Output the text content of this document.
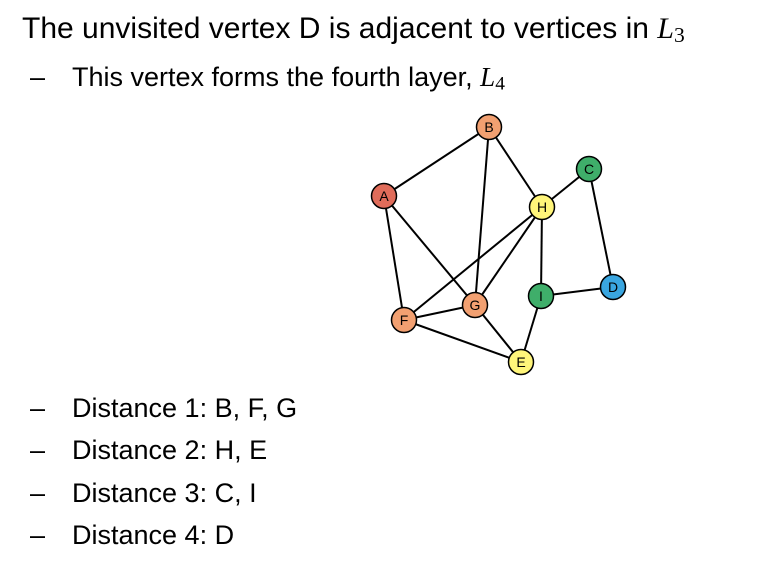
The unvisited vertex D is adjacent to vertices in L3
– This vertex forms the fourth layer, L4
A
B
C
H
D
G
I
F
E
– Distance 1: B, F, G
– Distance 2: H, E
– Distance 3: C, I
– Distance 4: D
